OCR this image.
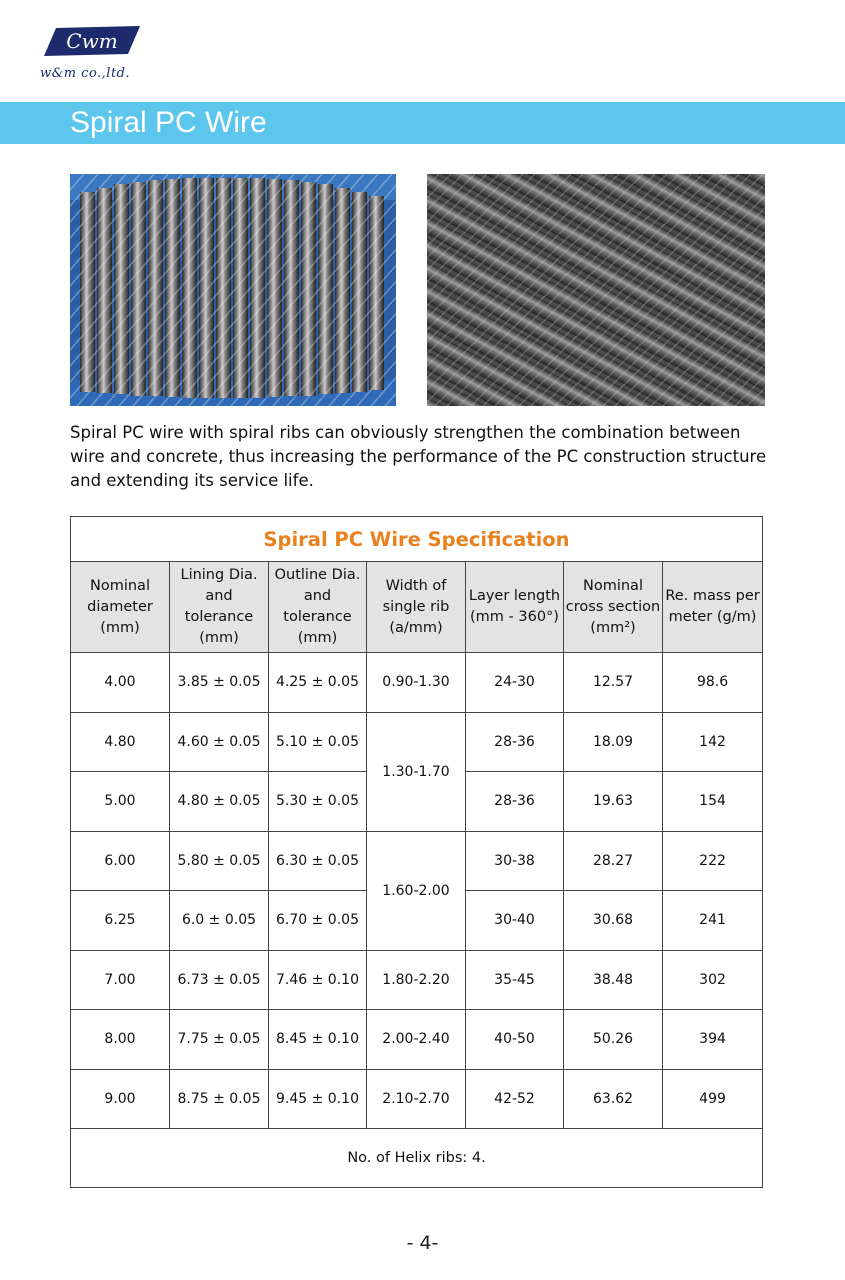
Cwm
w&m co.,ltd.
Spiral PC Wire

Spiral PC wire with spiral ribs can obviously strengthen the combination between wire and concrete, thus increasing the performance of the PC construction structure and extending its service life.

Spiral PC Wire Specification						
Nominal diameter (mm)	Lining Dia. and tolerance (mm)	Outline Dia. and tolerance (mm)	Width of single rib (a/mm)	Layer length (mm - 360°)	Nominal cross section (mm²)	Re. mass per meter (g/m)
4.00	3.85 ± 0.05	4.25 ± 0.05	0.90-1.30	24-30	12.57	98.6
4.80	4.60 ± 0.05	5.10 ± 0.05	1.30-1.70	28-36	18.09	142
5.00	4.80 ± 0.05	5.30 ± 0.05		28-36	19.63	154
6.00	5.80 ± 0.05	6.30 ± 0.05	1.60-2.00	30-38	28.27	222
6.25	6.0 ± 0.05	6.70 ± 0.05		30-40	30.68	241
7.00	6.73 ± 0.05	7.46 ± 0.10	1.80-2.20	35-45	38.48	302
8.00	7.75 ± 0.05	8.45 ± 0.10	2.00-2.40	40-50	50.26	394
9.00	8.75 ± 0.05	9.45 ± 0.10	2.10-2.70	42-52	63.62	499
No. of Helix ribs: 4.						
- 4-
